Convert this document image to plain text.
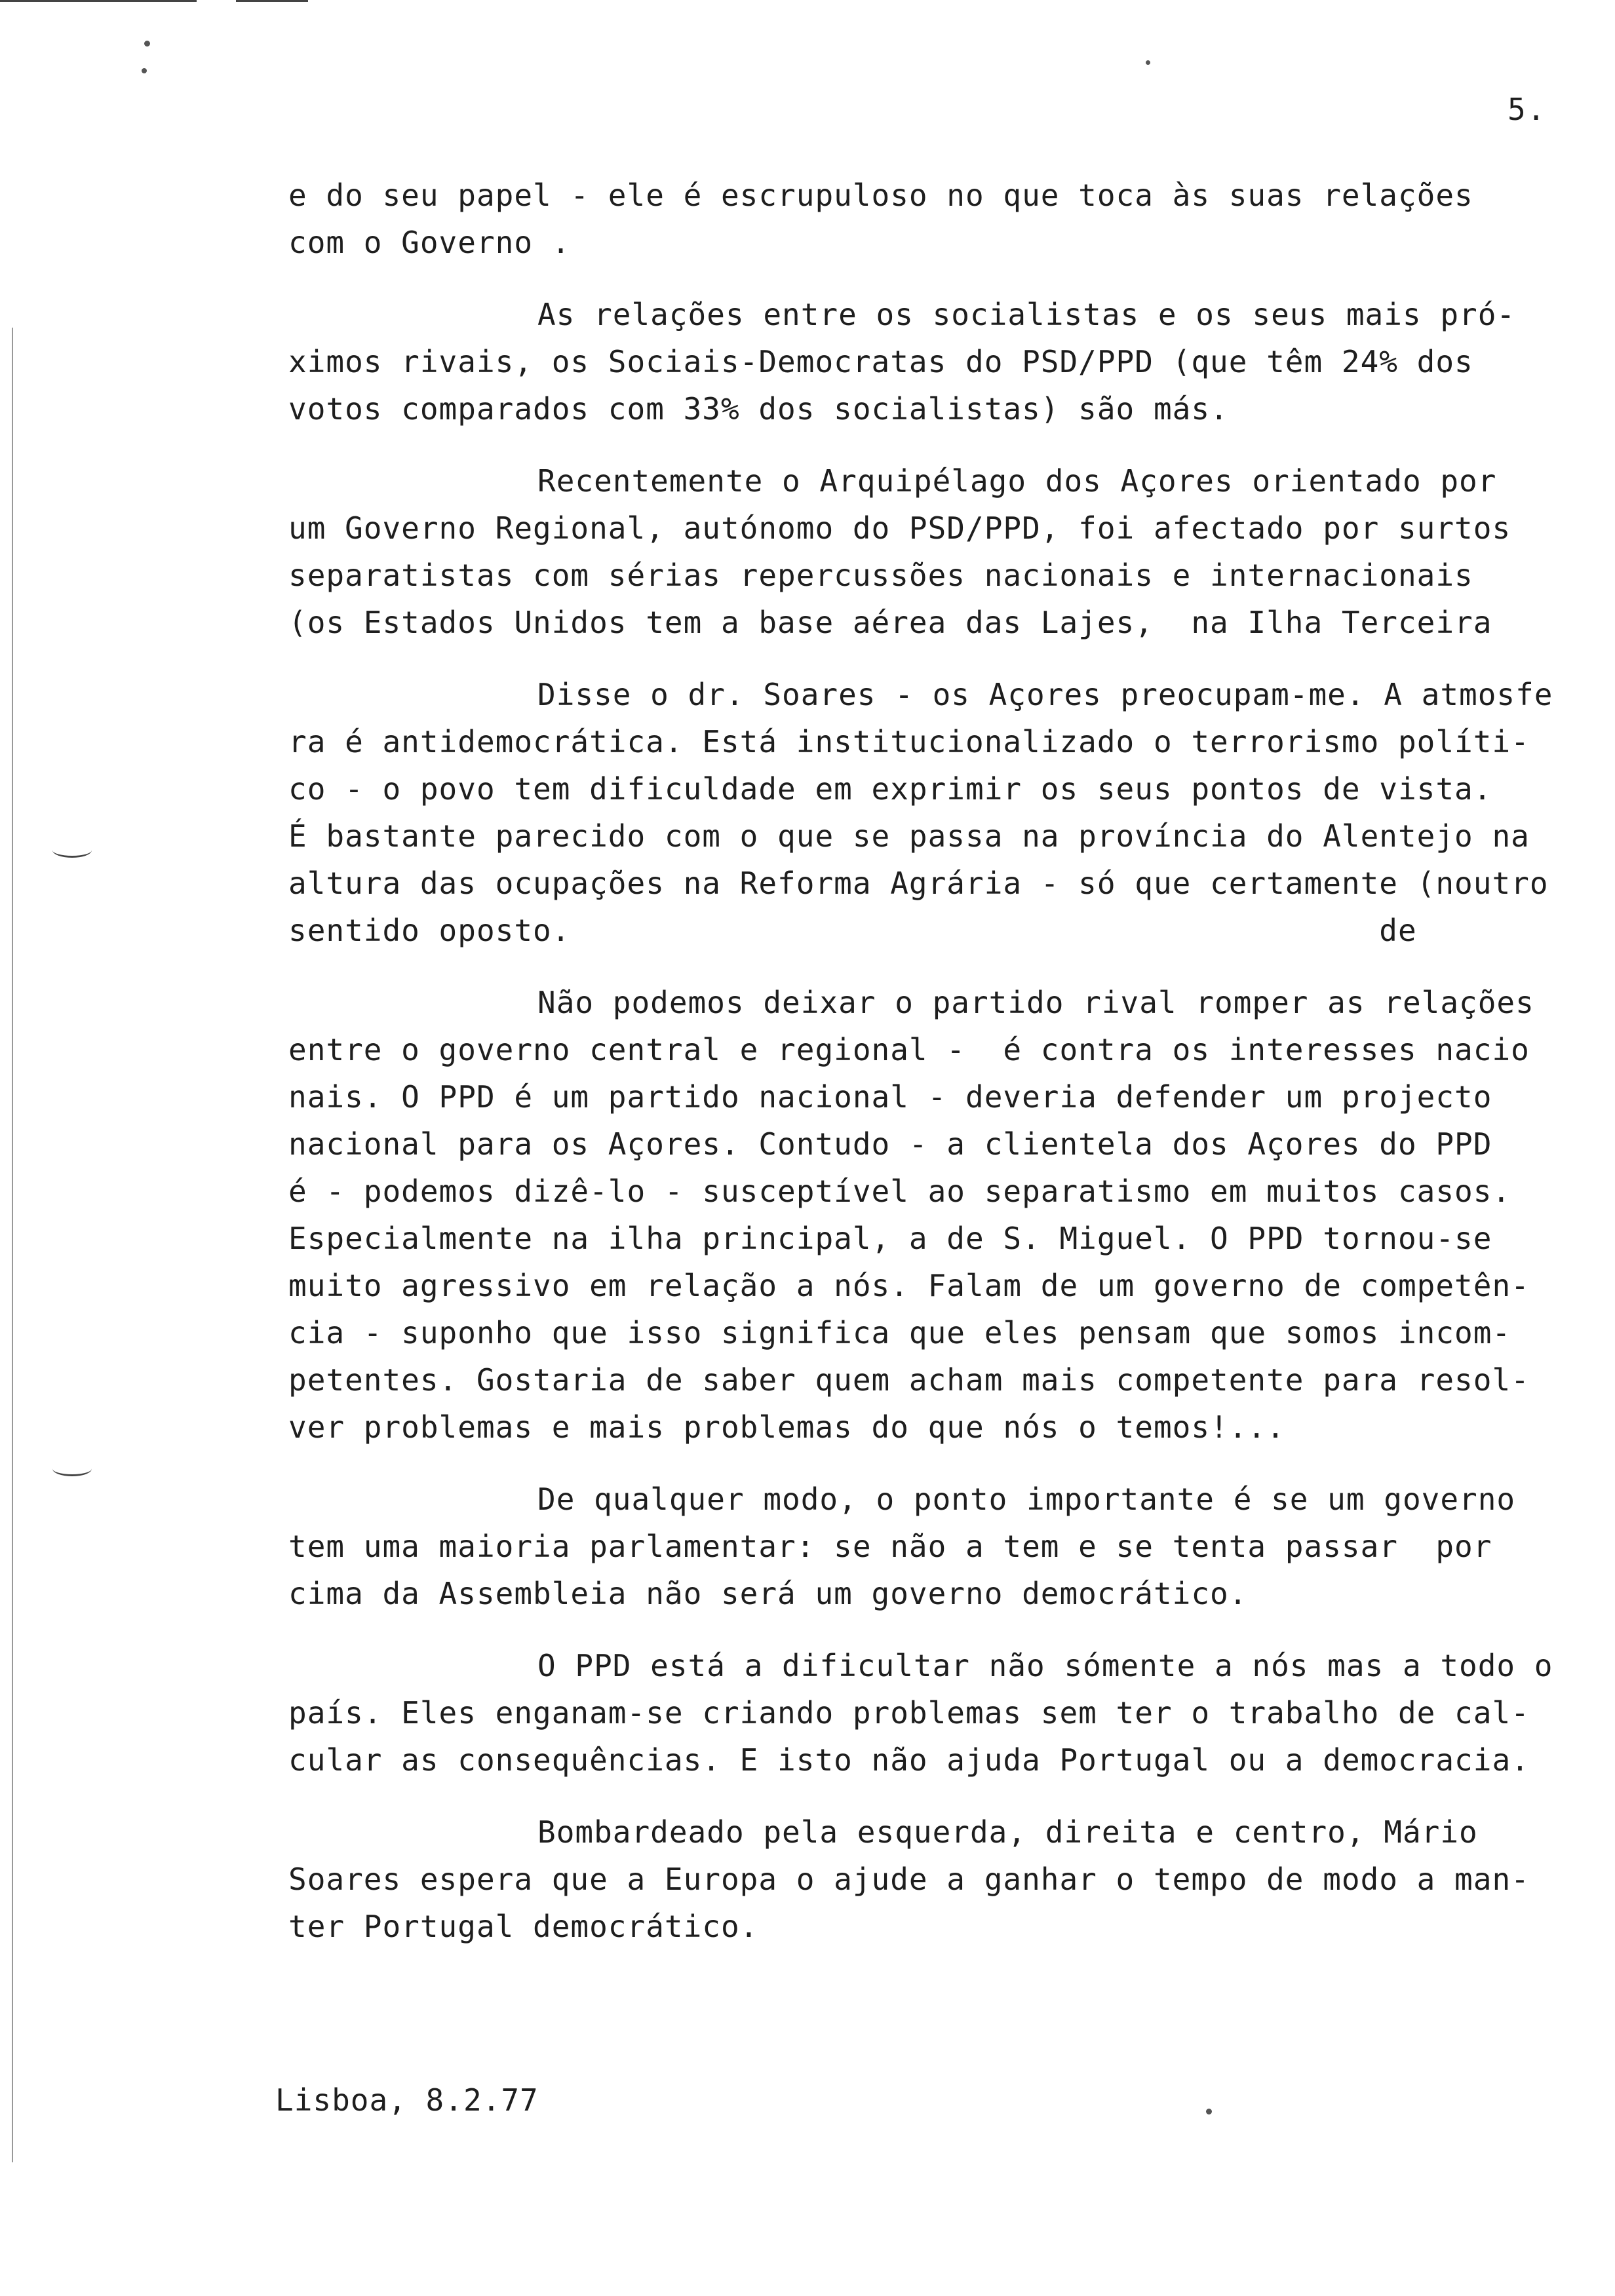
5.
e do seu papel - ele é escrupuloso no que toca às suas relações
com o Governo .
As relações entre os socialistas e os seus mais pró-
ximos rivais, os Sociais-Democratas do PSD/PPD (que têm 24% dos
votos comparados com 33% dos socialistas) são más.
Recentemente o Arquipélago dos Açores orientado por
um Governo Regional, autónomo do PSD/PPD, foi afectado por surtos
separatistas com sérias repercussões nacionais e internacionais
(os Estados Unidos tem a base aérea das Lajes,  na Ilha Terceira
Disse o dr. Soares - os Açores preocupam-me. A atmosfe
ra é antidemocrática. Está institucionalizado o terrorismo políti-
co - o povo tem dificuldade em exprimir os seus pontos de vista.
É bastante parecido com o que se passa na província do Alentejo na
altura das ocupações na Reforma Agrária - só que certamente (noutro
sentido oposto.                                           de
Não podemos deixar o partido rival romper as relações
entre o governo central e regional -  é contra os interesses nacio
nais. O PPD é um partido nacional - deveria defender um projecto
nacional para os Açores. Contudo - a clientela dos Açores do PPD
é - podemos dizê-lo - susceptível ao separatismo em muitos casos.
Especialmente na ilha principal, a de S. Miguel. O PPD tornou-se
muito agressivo em relação a nós. Falam de um governo de competên-
cia - suponho que isso significa que eles pensam que somos incom-
petentes. Gostaria de saber quem acham mais competente para resol-
ver problemas e mais problemas do que nós o temos!...
De qualquer modo, o ponto importante é se um governo
tem uma maioria parlamentar: se não a tem e se tenta passar  por
cima da Assembleia não será um governo democrático.
O PPD está a dificultar não sómente a nós mas a todo o
país. Eles enganam-se criando problemas sem ter o trabalho de cal-
cular as consequências. E isto não ajuda Portugal ou a democracia.
Bombardeado pela esquerda, direita e centro, Mário
Soares espera que a Europa o ajude a ganhar o tempo de modo a man-
ter Portugal democrático.
Lisboa, 8.2.77
